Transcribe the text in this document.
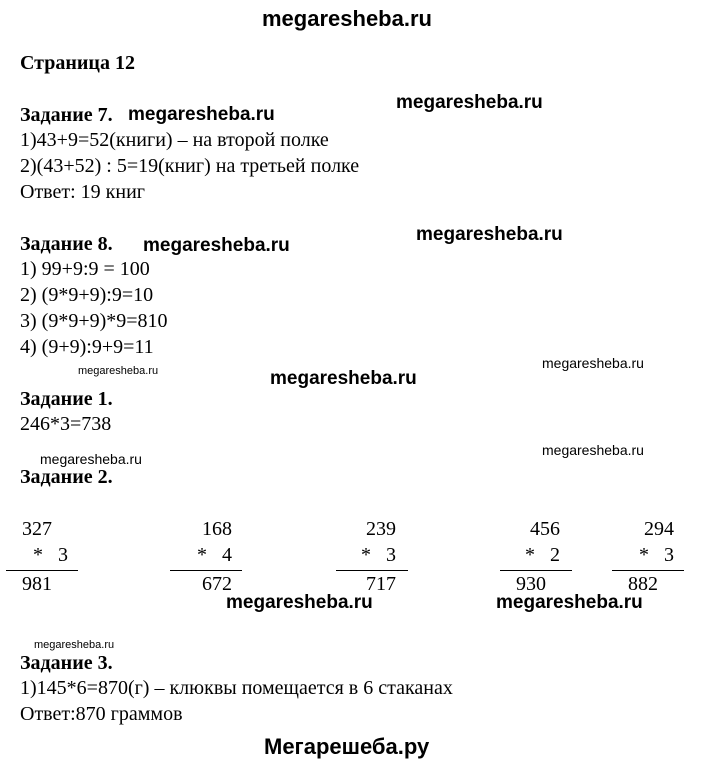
megaresheba.ru
Страница 12
Задание 7. megaresheba.ru
megaresheba.ru
1)43+9=52(книги) – на второй полке
2)(43+52) : 5=19(книг) на третьей полке
Ответ: 19 книг
Задание 8. megaresheba.ru
megaresheba.ru
1) 99+9:9 = 100
2) (9*9+9):9=10
3) (9*9+9)*9=810
4) (9+9):9+9=11
megaresheba.ru	megaresheba.ru
megaresheba.ru
Задание 1.
246*3=738
megaresheba.ru
megaresheba.ru
Задание 2.
327
* 3
981
168
* 4
672
239
* 3
717
456
* 2
930
294
* 3
882
megaresheba.ru	megaresheba.ru
megaresheba.ru
Задание 3.
1)145*6=870(г) – клюквы помещается в 6 стаканах
Ответ:870 граммов
Мегарешеба.ру
